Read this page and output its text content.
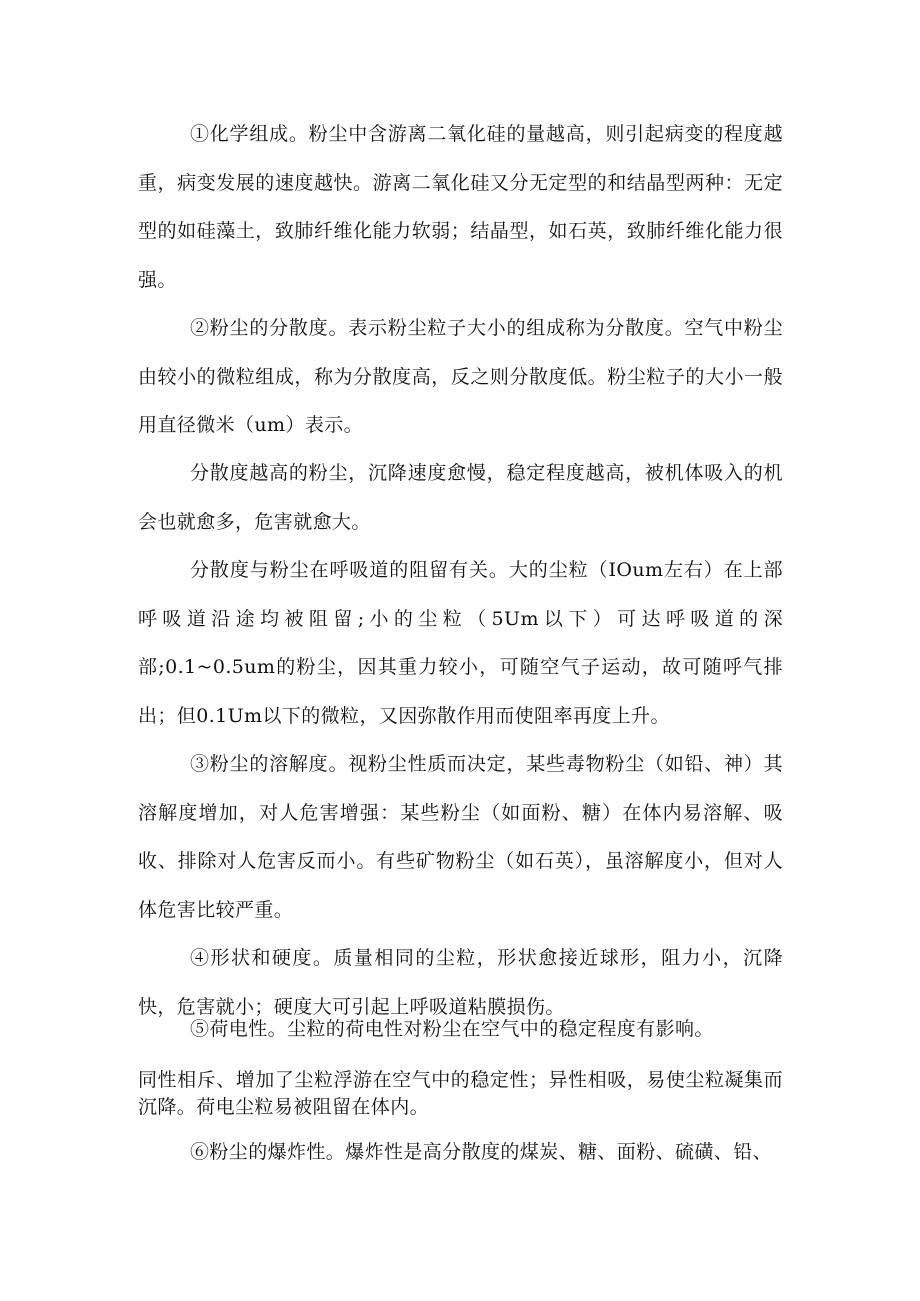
①化学组成。粉尘中含游离二氧化硅的量越高，则引起病变的程度越重，病变发展的速度越快。游离二氧化硅又分无定型的和结晶型两种：无定型的如硅藻土，致肺纤维化能力软弱；结晶型，如石英，致肺纤维化能力很强。

②粉尘的分散度。表示粉尘粒子大小的组成称为分散度。空气中粉尘由较小的微粒组成，称为分散度高，反之则分散度低。粉尘粒子的大小一般用直径微米（um）表示。

分散度越高的粉尘，沉降速度愈慢，稳定程度越高，被机体吸入的机会也就愈多，危害就愈大。

分散度与粉尘在呼吸道的阻留有关。大的尘粒（IOum左右）在上部呼吸道沿途均被阻留;小的尘粒（5Um以下）可达呼吸道的深部;0.1~0.5um的粉尘，因其重力较小，可随空气子运动，故可随呼气排出；但0.1Um以下的微粒，又因弥散作用而使阻率再度上升。

③粉尘的溶解度。视粉尘性质而决定，某些毒物粉尘（如铅、神）其溶解度增加，对人危害增强：某些粉尘（如面粉、糖）在体内易溶解、吸收、排除对人危害反而小。有些矿物粉尘（如石英），虽溶解度小，但对人体危害比较严重。

④形状和硬度。质量相同的尘粒，形状愈接近球形，阻力小，沉降快，危害就小；硬度大可引起上呼吸道粘膜损伤。

⑤荷电性。尘粒的荷电性对粉尘在空气中的稳定程度有影响。

同性相斥、增加了尘粒浮游在空气中的稳定性；异性相吸，易使尘粒凝集而沉降。荷电尘粒易被阻留在体内。

⑥粉尘的爆炸性。爆炸性是高分散度的煤炭、糖、面粉、硫磺、铅、
